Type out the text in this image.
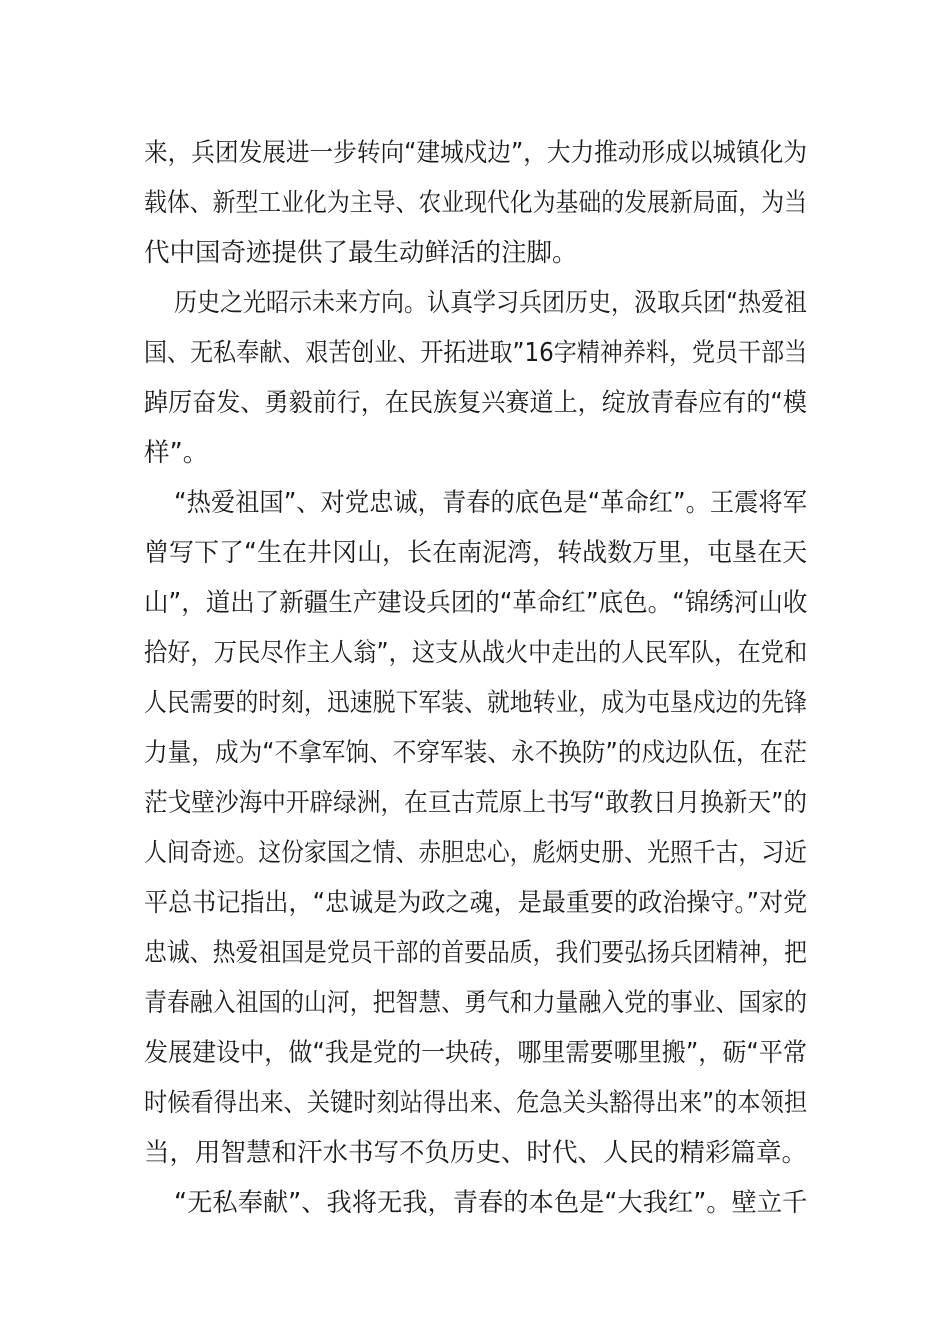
来，兵团发展进一步转向“建城戍边”，大力推动形成以城镇化为
载体、新型工业化为主导、农业现代化为基础的发展新局面，为当
代中国奇迹提供了最生动鲜活的注脚。
历史之光昭示未来方向。认真学习兵团历史，汲取兵团“热爱祖
国、无私奉献、艰苦创业、开拓进取”16字精神养料，党员干部当
踔厉奋发、勇毅前行，在民族复兴赛道上，绽放青春应有的“模
样”。
“热爱祖国”、对党忠诚，青春的底色是“革命红”。王震将军
曾写下了“生在井冈山，长在南泥湾，转战数万里，屯垦在天
山”，道出了新疆生产建设兵团的“革命红”底色。“锦绣河山收
拾好，万民尽作主人翁”，这支从战火中走出的人民军队，在党和
人民需要的时刻，迅速脱下军装、就地转业，成为屯垦戍边的先锋
力量，成为“不拿军饷、不穿军装、永不换防”的戍边队伍，在茫
茫戈壁沙海中开辟绿洲，在亘古荒原上书写“敢教日月换新天”的
人间奇迹。这份家国之情、赤胆忠心，彪炳史册、光照千古，习近
平总书记指出，“忠诚是为政之魂，是最重要的政治操守。”对党
忠诚、热爱祖国是党员干部的首要品质，我们要弘扬兵团精神，把
青春融入祖国的山河，把智慧、勇气和力量融入党的事业、国家的
发展建设中，做“我是党的一块砖，哪里需要哪里搬”，砺“平常
时候看得出来、关键时刻站得出来、危急关头豁得出来”的本领担
当，用智慧和汗水书写不负历史、时代、人民的精彩篇章。
“无私奉献”、我将无我，青春的本色是“大我红”。壁立千
